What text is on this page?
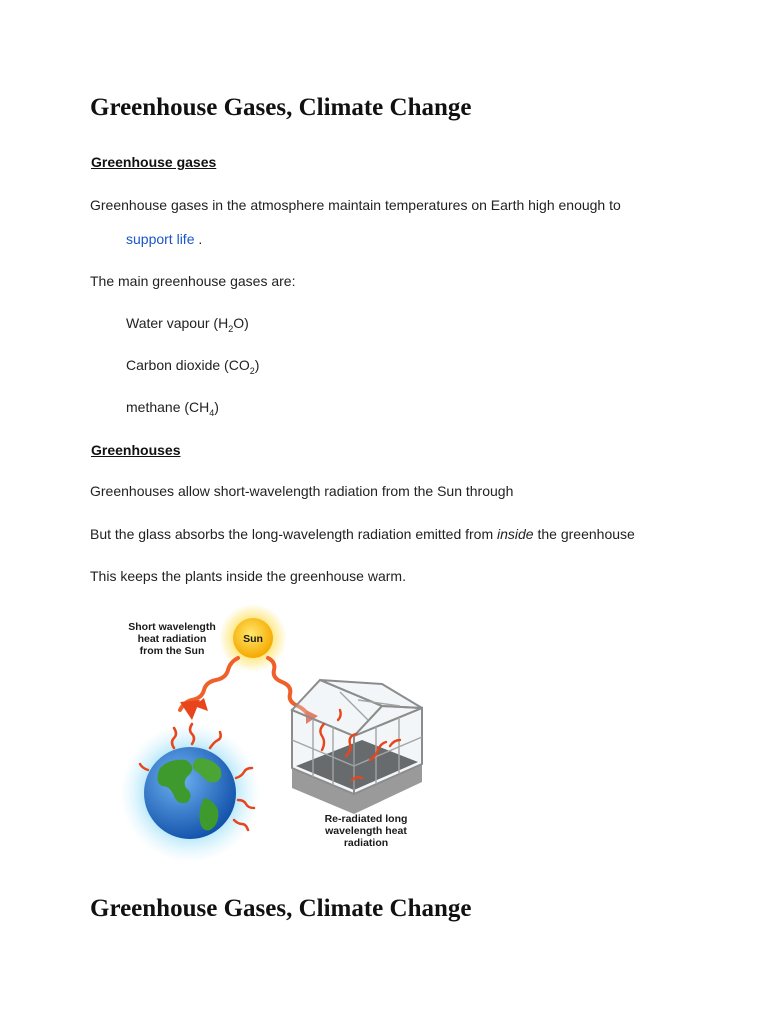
Greenhouse Gases, Climate Change
Greenhouse gases

Greenhouse gases in the atmosphere maintain temperatures on Earth high enough to

support life .

The main greenhouse gases are:

Water vapour $(H_2O)$

Carbon dioxide $(CO_2)$

methane $(CH_4)$

Greenhouses

Greenhouses allow short-wavelength radiation from the Sun through

But the glass absorbs the long-wavelength radiation emitted from inside the greenhouse

This keeps the plants inside the greenhouse warm.

Short wavelength
heat radiation
from the Sun
Sun
Re-radiated long
wavelength heat
radiation
Greenhouse Gases, Climate Change
